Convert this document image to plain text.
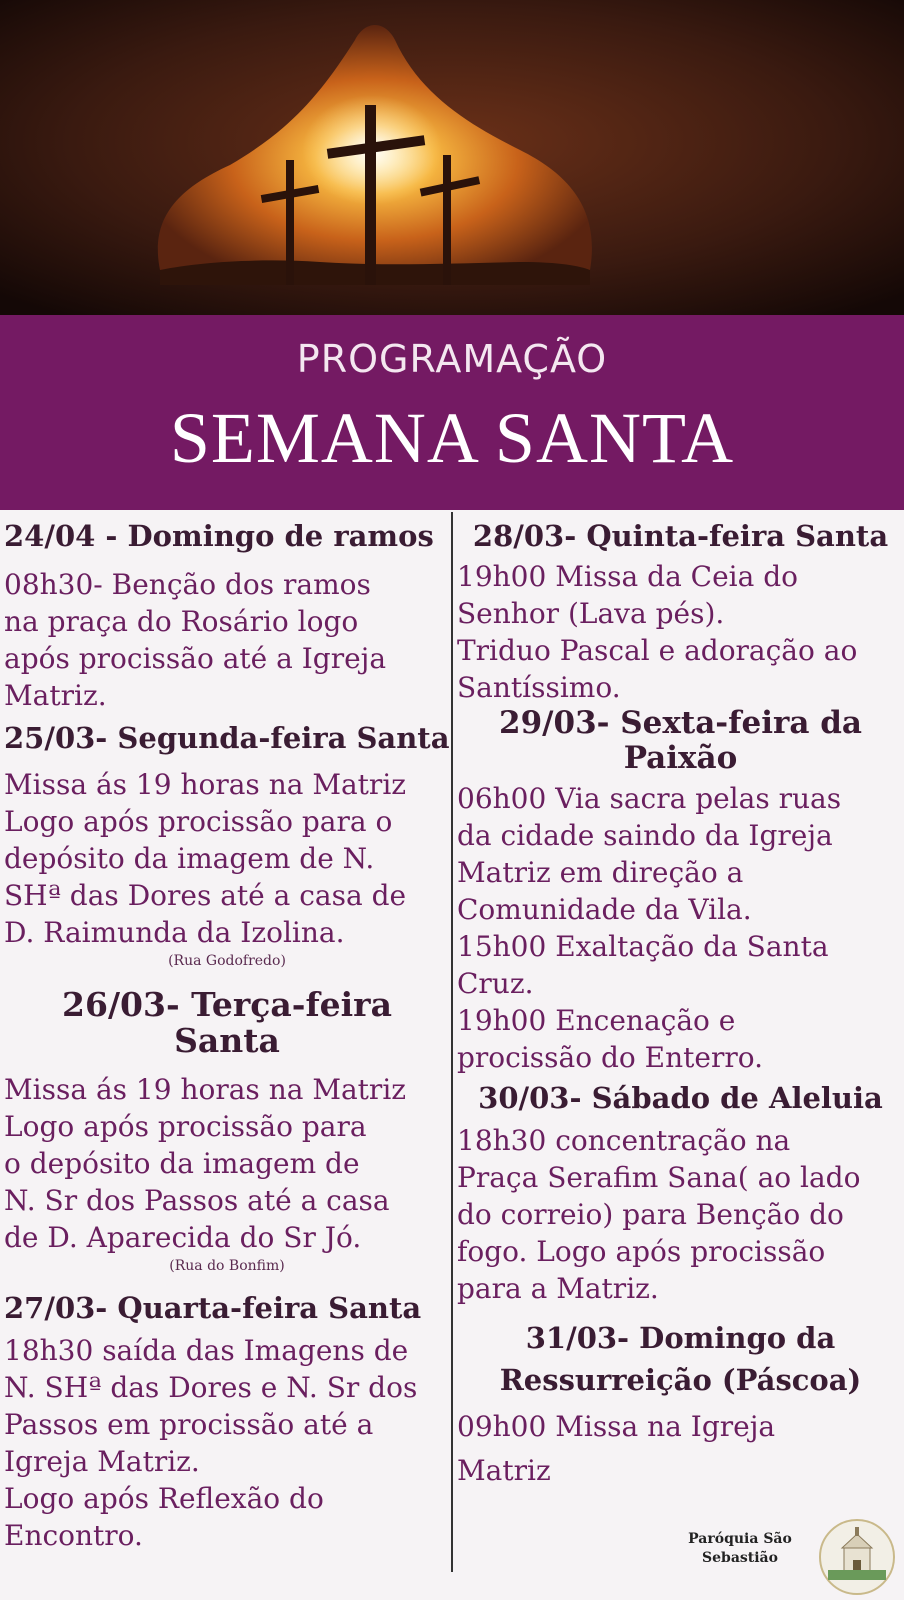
PROGRAMAÇÃO
SEMANA SANTA
24/04 - Domingo de ramos
08h30- Benção dos ramos
na praça do Rosário logo
após procissão até a Igreja
Matriz.
25/03- Segunda-feira Santa
Missa ás 19 horas na Matriz
Logo após procissão para o
depósito da imagem de N.
SHª das Dores até a casa de
D. Raimunda da Izolina.
(Rua Godofredo)
26/03- Terça-feira
Santa
Missa ás 19 horas na Matriz
Logo após procissão para
o depósito da imagem de
N. Sr dos Passos até a casa
de D. Aparecida do Sr Jó.
(Rua do Bonfim)
27/03- Quarta-feira Santa
18h30 saída das Imagens de
N. SHª das Dores e N. Sr dos
Passos em procissão até a
Igreja Matriz.
Logo após Reflexão do
Encontro.
28/03- Quinta-feira Santa
19h00 Missa da Ceia do
Senhor (Lava pés).
Triduo Pascal e adoração ao
Santíssimo.
29/03- Sexta-feira da
Paixão
06h00 Via sacra pelas ruas
da cidade saindo da Igreja
Matriz em direção a
Comunidade da Vila.
15h00 Exaltação da Santa
Cruz.
19h00 Encenação e
procissão do Enterro.
30/03- Sábado de Aleluia
18h30 concentração na
Praça Serafim Sana( ao lado
do correio) para Benção do
fogo. Logo após procissão
para a Matriz.
31/03- Domingo da
Ressurreição (Páscoa)
09h00 Missa na Igreja
Matriz
Paróquia São
Sebastião
